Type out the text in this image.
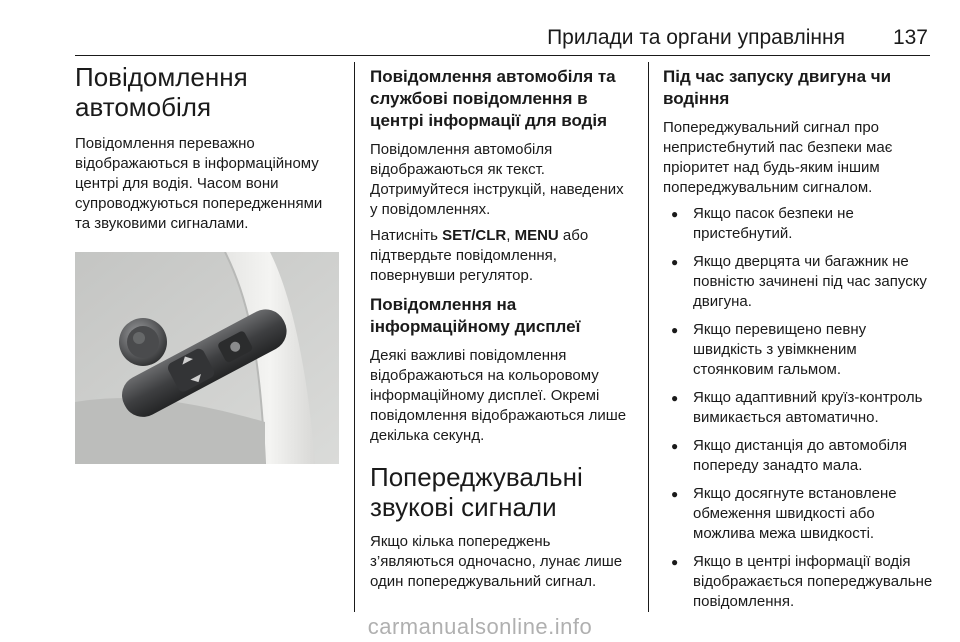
Прилади та органи управління 137
Повідомлення автомобіля

Повідомлення переважно відображаються в інформаційному центрі для водія. Часом вони супроводжуються попередженнями та звуковими сигналами.

Повідомлення автомобіля та службові повідомлення в центрі інформації для водія

Повідомлення автомобіля відображаються як текст. Дотримуйтеся інструкцій, наведених у повідомленнях.

Натисніть SET/CLR, MENU або підтвердьте повідомлення, повернувши регулятор.

Повідомлення на інформаційному дисплеї

Деякі важливі повідомлення відображаються на кольоровому інформаційному дисплеї. Окремі повідомлення відображаються лише декілька секунд.

Попереджувальні звукові сигнали

Якщо кілька попереджень з’являються одночасно, лунає лише один попереджувальний сигнал.

Під час запуску двигуна чи водіння

Попереджувальний сигнал про непристебнутий пас безпеки має пріоритет над будь-яким іншим попереджувальним сигналом.

● Якщо пасок безпеки не пристебнутий.
● Якщо дверцята чи багажник не повністю зачинені під час запуску двигуна.
● Якщо перевищено певну швидкість з увімкненим стоянковим гальмом.
● Якщо адаптивний круїз-контроль вимикається автоматично.
● Якщо дистанція до автомобіля попереду занадто мала.
● Якщо досягнуте встановлене обмеження швидкості або можлива межа швидкості.
● Якщо в центрі інформації водія відображається попереджувальне повідомлення.
carmanualsonline.info
